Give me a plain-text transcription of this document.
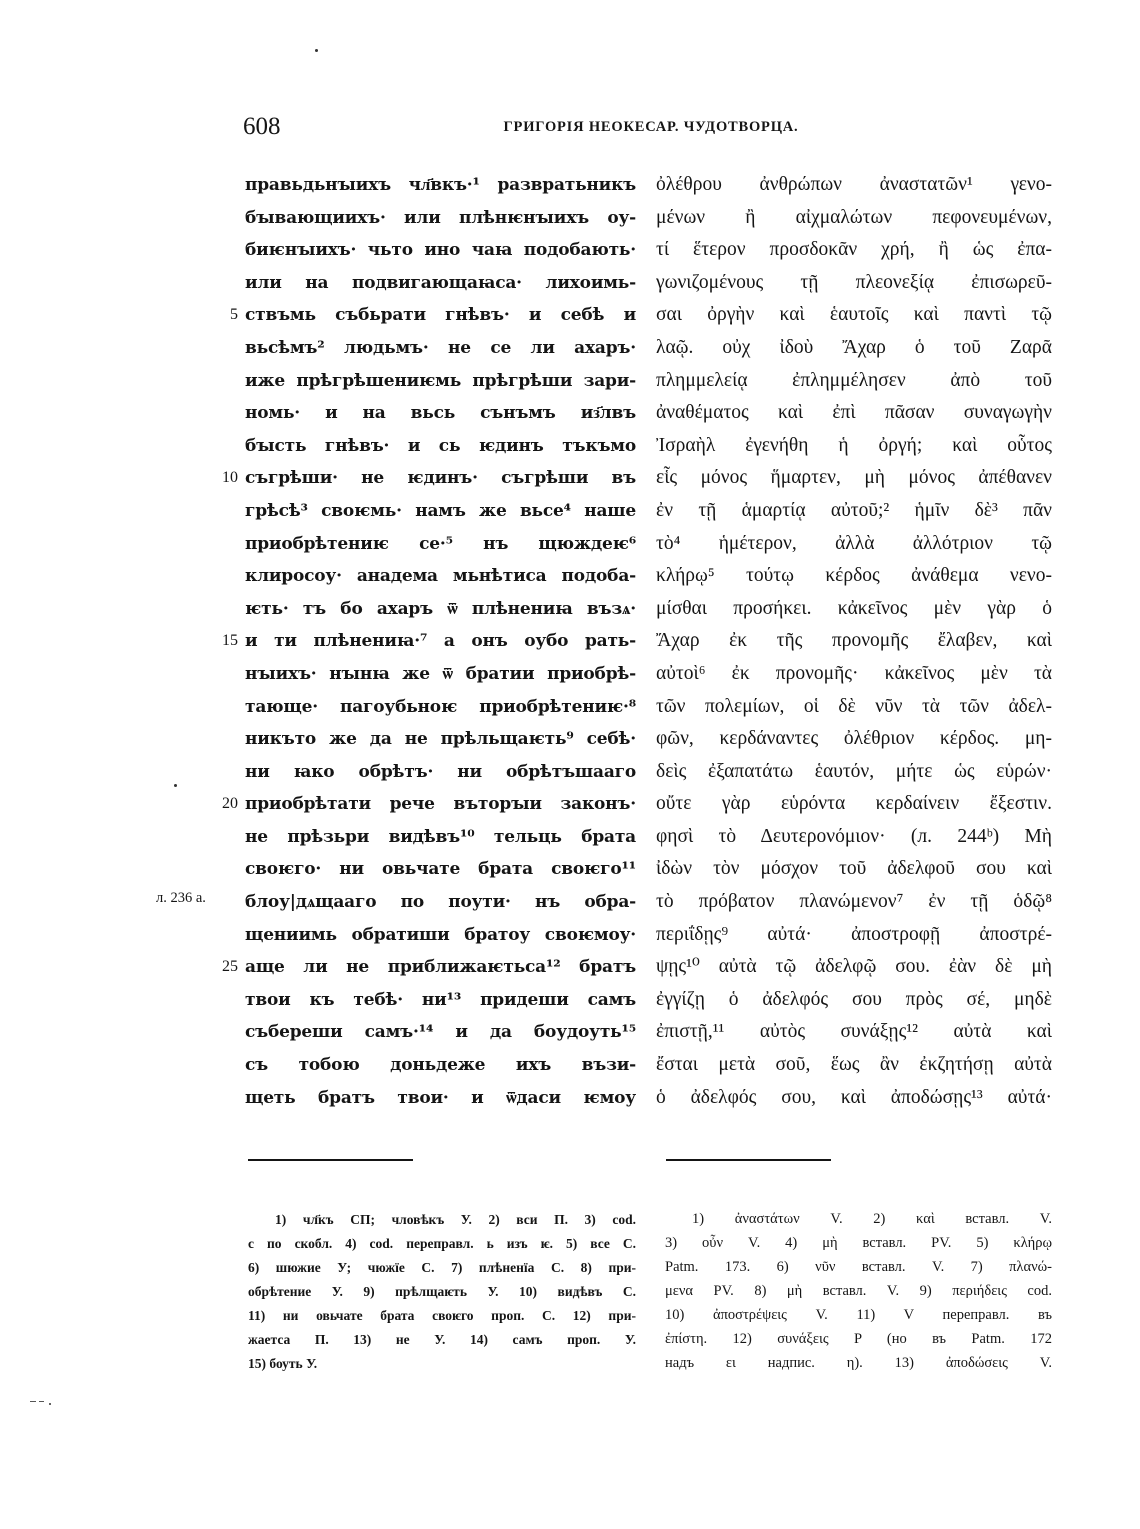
608	ГРИГОРІЯ НЕОКЕСАР. ЧУДОТВОРЦА.
5
10
15
20
25
л. 236 а.
правьдьнꙑихъ чл҃вкъ·¹ развратьникъ
бꙑвающиихъ· или плѣнѥнꙑихъ оу-
биѥнꙑихъ· чьто ино чаꙗ подобають·
или на подвигающаꙗса· лихоимь-
ствъмь събьрати гнѣвъ· и себѣ и
вьсѣмъ² людьмъ· не се ли ахаръ·
иже прѣгрѣшениѥмь прѣгрѣши зари-
номь· и на вьсь сънъмъ из҃лвъ
бꙑсть гнѣвъ· и сь ѥдинъ тъкъмо
съгрѣши· не ѥдинъ· съгрѣши въ
грѣсѣ³ своѥмь· намъ же вьсе⁴ наше
приобрѣтениѥ се·⁵ нъ щюждеѥ⁶
клиросоу· анадема мьнѣтиса подоба-
ѥть· тъ бо ахаръ ѿ плѣнениꙗ възѧ·
и ти плѣнениꙗ·⁷ а онъ оубо рать-
нꙑихъ· нꙑнꙗ же ѿ братии приобрѣ-
тающе· пагоубьноѥ приобрѣтениѥ·⁸
никъто же да не прѣльщаѥть⁹ себѣ·
ни ꙗко обрѣтъ· ни обрѣтъшааго
приобрѣтати рече въторꙑи законъ·
не прѣзьри видѣвъ¹⁰ тельць брата
своѥго· ни овьчате брата своѥго¹¹
блоу|дѧщааго по поути· нъ обра-
щениимь обратиши братоу своѥмоу·
аще ли не приближаѥтьса¹² братъ
твои къ тебѣ· ни¹³ придеши самъ
събереши самъ·¹⁴ и да боудоуть¹⁵
съ тобою доньдеже ихъ възи-
щеть братъ твои· и ѿдаси ѥмоу
ὀλέθρου ἀνθρώπων ἀναστατῶν¹ γενο-
μένων ἢ αἰχμαλώτων πεφονευμένων,
τί ἕτερον προσδοκᾶν χρή, ἢ ὡς ἐπα-
γωνιζομένους τῇ πλεονεξίᾳ ἐπισωρεῦ-
σαι ὀργὴν καὶ ἑαυτοῖς καὶ παντὶ τῷ
λαῷ. οὐχ ἰδοὺ Ἄχαρ ὁ τοῦ Ζαρᾶ
πλημμελείᾳ ἐπλημμέλησεν ἀπὸ τοῦ
ἀναθέματος καὶ ἐπὶ πᾶσαν συναγωγὴν
Ἰσραὴλ ἐγενήθη ἡ ὀργή; καὶ οὗτος
εἷς μόνος ἥμαρτεν, μὴ μόνος ἀπέθανεν
ἐν τῇ ἁμαρτίᾳ αὐτοῦ;² ἡμῖν δὲ³ πᾶν
τὸ⁴ ἡμέτερον, ἀλλὰ ἀλλότριον τῷ
κλήρῳ⁵ τούτῳ κέρδος ἀνάθεμα νενο-
μίσθαι προσήκει. κἀκεῖνος μὲν γὰρ ὁ
Ἄχαρ ἐκ τῆς προνομῆς ἔλαβεν, καὶ
αὐτοὶ⁶ ἐκ προνομῆς· κἀκεῖνος μὲν τὰ
τῶν πολεμίων, οἱ δὲ νῦν τὰ τῶν ἀδελ-
φῶν, κερδάναντες ὀλέθριον κέρδος. μη-
δεὶς ἐξαπατάτω ἑαυτόν, μήτε ὡς εὑρών·
οὔτε γὰρ εὑρόντα κερδαίνειν ἔξεστιν.
φησὶ τὸ Δευτερονόμιον· (л. 244ᵇ) Μὴ
ἰδὼν τὸν μόσχον τοῦ ἀδελφοῦ σου καὶ
τὸ πρόβατον πλανώμενον⁷ ἐν τῇ ὁδῷ⁸
περιΐδῃς⁹ αὐτά· ἀποστροφῇ ἀποστρέ-
ψῃς¹⁰ αὐτὰ τῷ ἀδελφῷ σου. ἐὰν δὲ μὴ
ἐγγίζῃ ὁ ἀδελφός σου πρὸς σέ, μηδὲ
ἐπιστῇ,¹¹ αὐτὸς συνάξῃς¹² αὐτὰ καὶ
ἔσται μετὰ σοῦ, ἕως ἂν ἐκζητήσῃ αὐτὰ
ὁ ἀδελφός σου, καὶ ἀποδώσῃς¹³ αὐτά·
1) чл҃къ СП; чловѣкъ У. 2) вси П. 3) cod.
с по скобл. 4) cod. переправл. ь изъ ѥ. 5) все С.
6) шюжие У; чюжїе С. 7) плѣненїа С. 8) при-
обрѣтение У. 9) прѣлщаѥть У. 10) видѣвъ С.
11) ни овьчате брата своѥго проп. С. 12) при-
жаетса П. 13) не У. 14) самъ проп. У.
15) боуть У.
1) ἀναστάτων V. 2) καὶ вставл. V.
3) οὖν V. 4) μὴ вставл. PV. 5) κλήρῳ
Patm. 173. 6) νῦν вставл. V. 7) πλανώ-
μενα PV. 8) μὴ вставл. V. 9) περιήδεις cod.
10) ἀποστρέψεις V. 11) V переправл. въ
ἐπίστη. 12) συνάξεις P (но въ Patm. 172
надъ ει надпис. η). 13) ἀποδώσεις V.
